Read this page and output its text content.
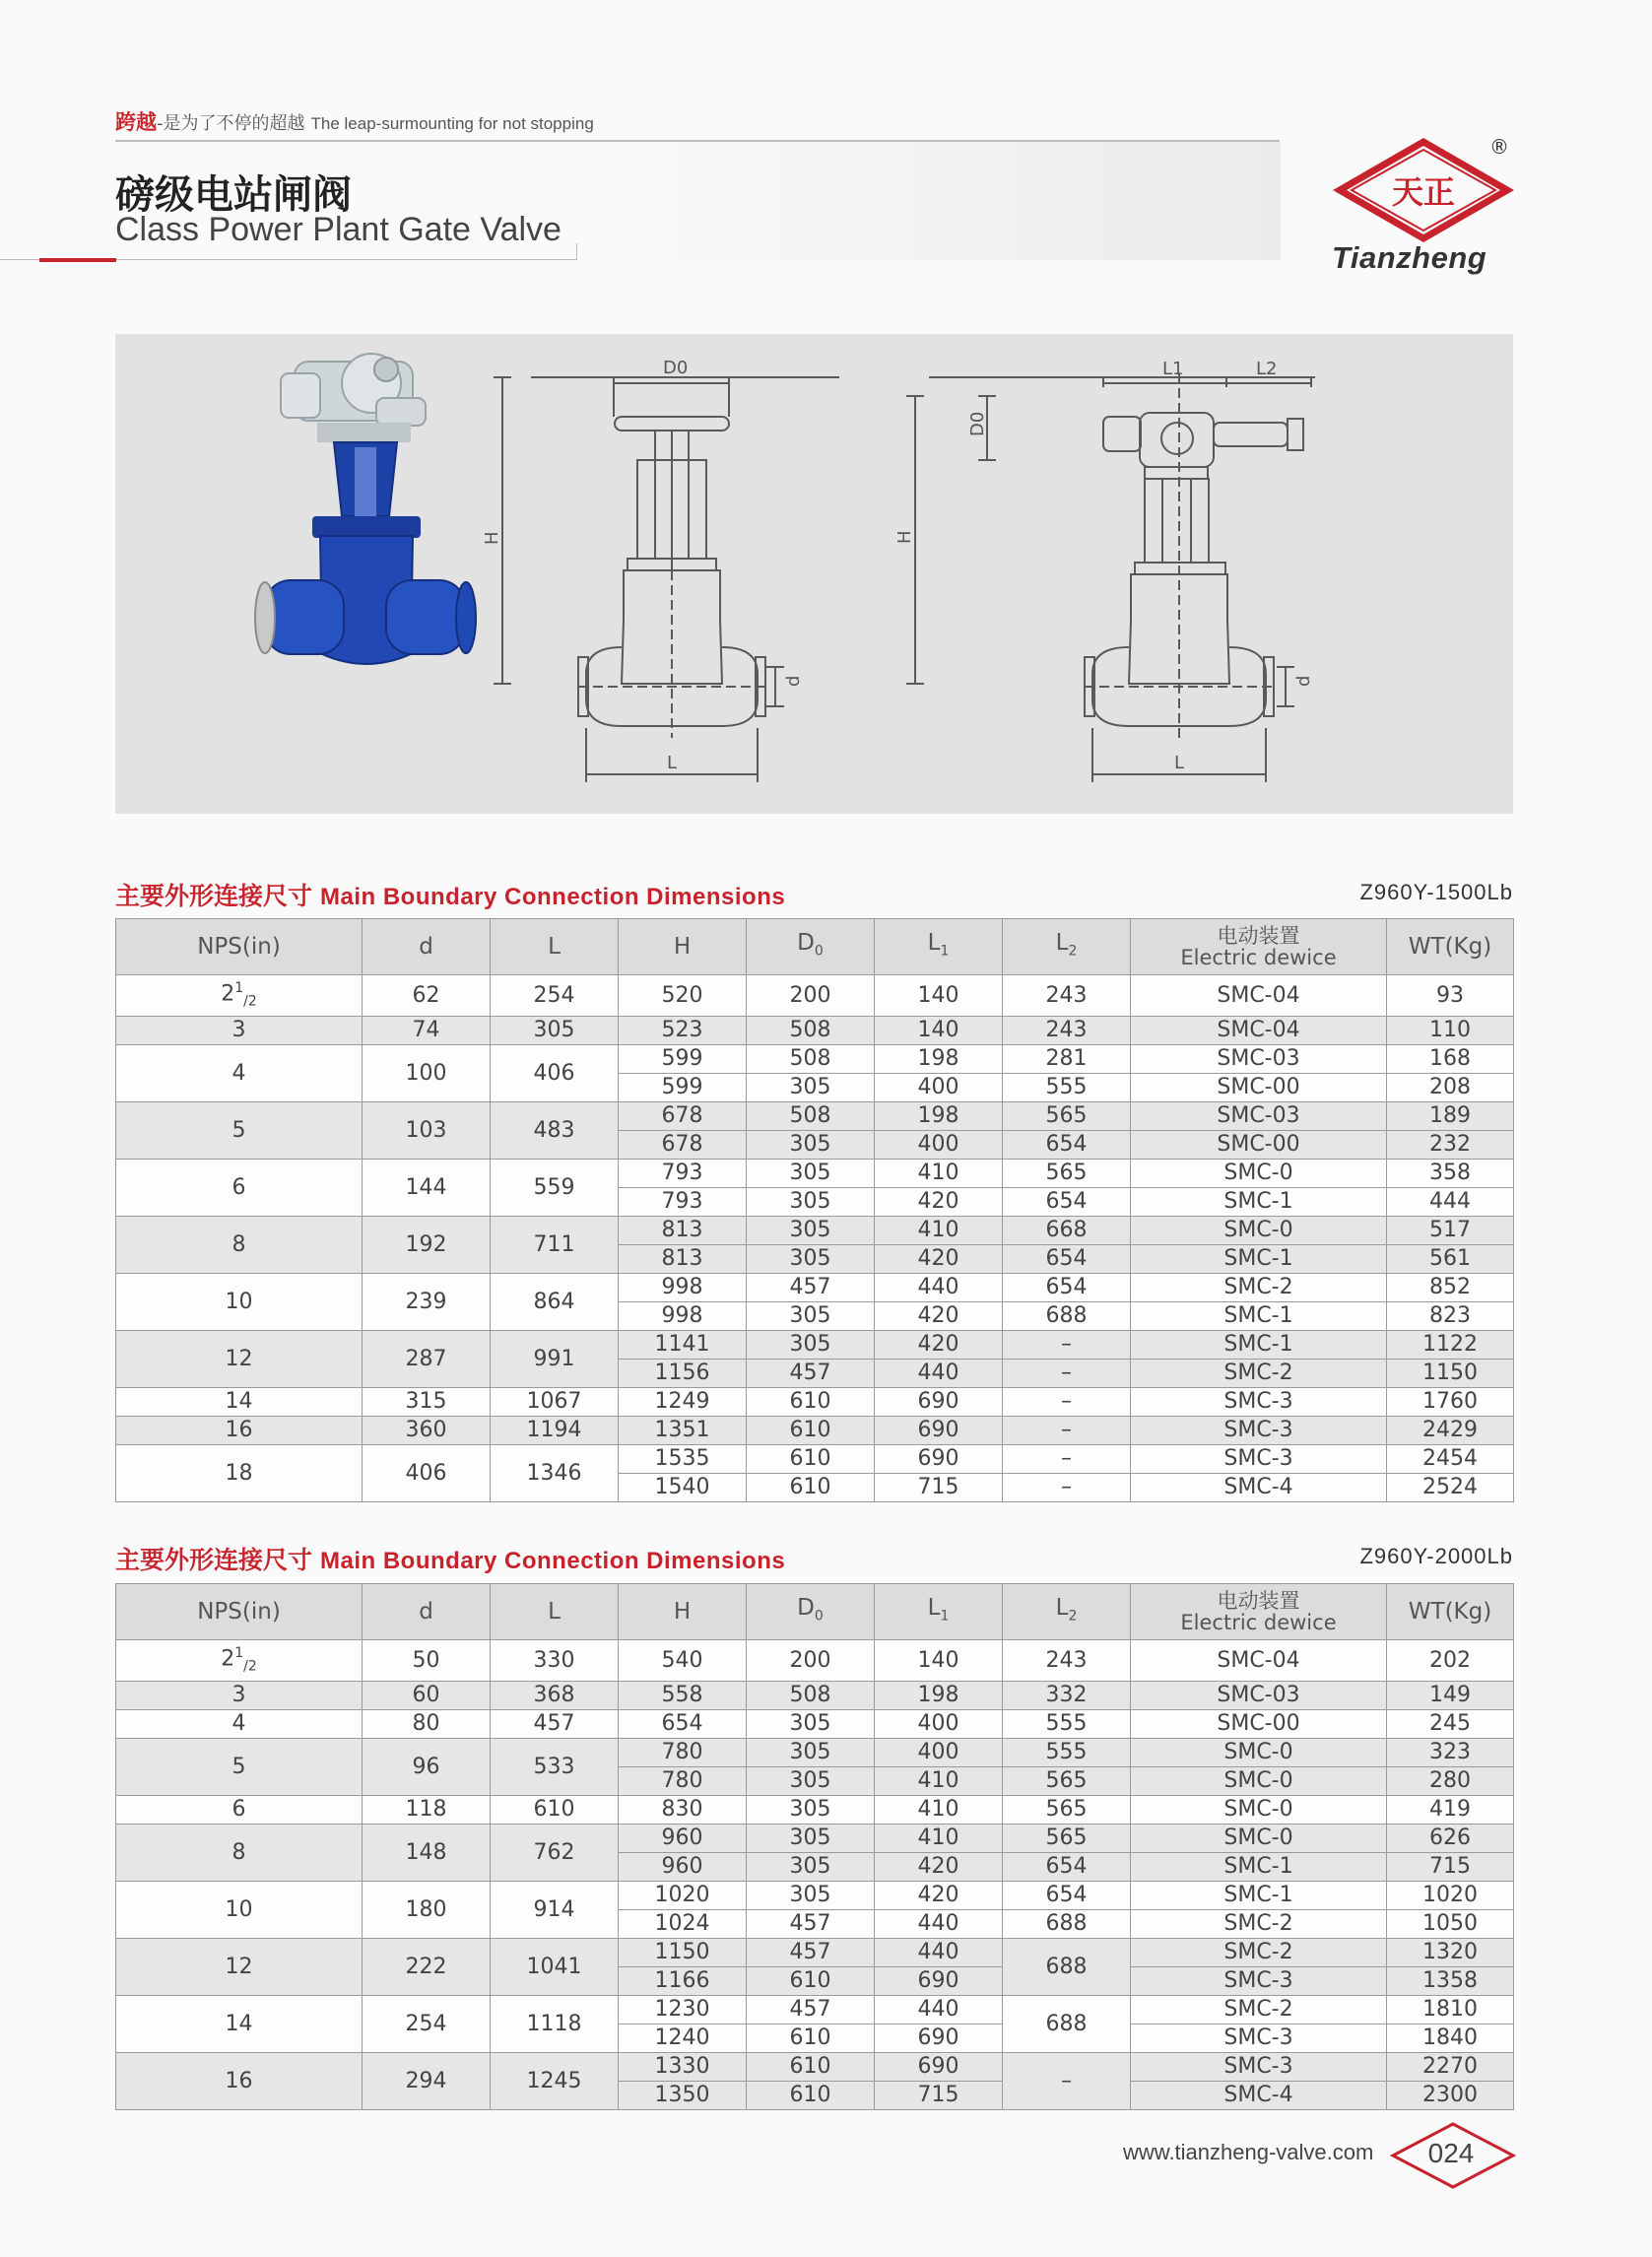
跨越 -是为了不停的超越 The leap-surmounting for not stopping
磅级电站闸阀
Class Power Plant Gate Valve
天正
®
Tianzheng
D0
H
d
L
L1	L2
D0
H
d
L
主要外形连接尺寸 Main Boundary Connection Dimensions	Z960Y-1500Lb
NPS(in)	d	L	H	$D_0$	$L_1$	$L_2$	电动装置
Electric dewice	WT(Kg)
$2^1_{/2}$	62	254	520	200	140	243	SMC-04	93
3	74	305	523	508	140	243	SMC-04	110
4	100	406	599	508	198	281	SMC-03	168
			599	305	400	555	SMC-00	208
5	103	483	678	508	198	565	SMC-03	189
			678	305	400	654	SMC-00	232
6	144	559	793	305	410	565	SMC-0	358
			793	305	420	654	SMC-1	444
8	192	711	813	305	410	668	SMC-0	517
			813	305	420	654	SMC-1	561
10	239	864	998	457	440	654	SMC-2	852
			998	305	420	688	SMC-1	823
12	287	991	1141	305	420	–	SMC-1	1122
			1156	457	440	–	SMC-2	1150
14	315	1067	1249	610	690	–	SMC-3	1760
16	360	1194	1351	610	690	–	SMC-3	2429
18	406	1346	1535	610	690	–	SMC-3	2454
			1540	610	715	–	SMC-4	2524
主要外形连接尺寸 Main Boundary Connection Dimensions	Z960Y-2000Lb
NPS(in)	d	L	H	$D_0$	$L_1$	$L_2$	电动装置
Electric dewice	WT(Kg)
$2^1_{/2}$	50	330	540	200	140	243	SMC-04	202
3	60	368	558	508	198	332	SMC-03	149
4	80	457	654	305	400	555	SMC-00	245
5	96	533	780	305	400	555	SMC-0	323
			780	305	410	565	SMC-0	280
6	118	610	830	305	410	565	SMC-0	419
8	148	762	960	305	410	565	SMC-0	626
			960	305	420	654	SMC-1	715
10	180	914	1020	305	420	654	SMC-1	1020
			1024	457	440	688	SMC-2	1050
12	222	1041	1150	457	440	688	SMC-2	1320
			1166	610	690		SMC-3	1358
14	254	1118	1230	457	440	688	SMC-2	1810
			1240	610	690		SMC-3	1840
16	294	1245	1330	610	690	–	SMC-3	2270
			1350	610	715		SMC-4	2300
www.tianzheng-valve.com	024
